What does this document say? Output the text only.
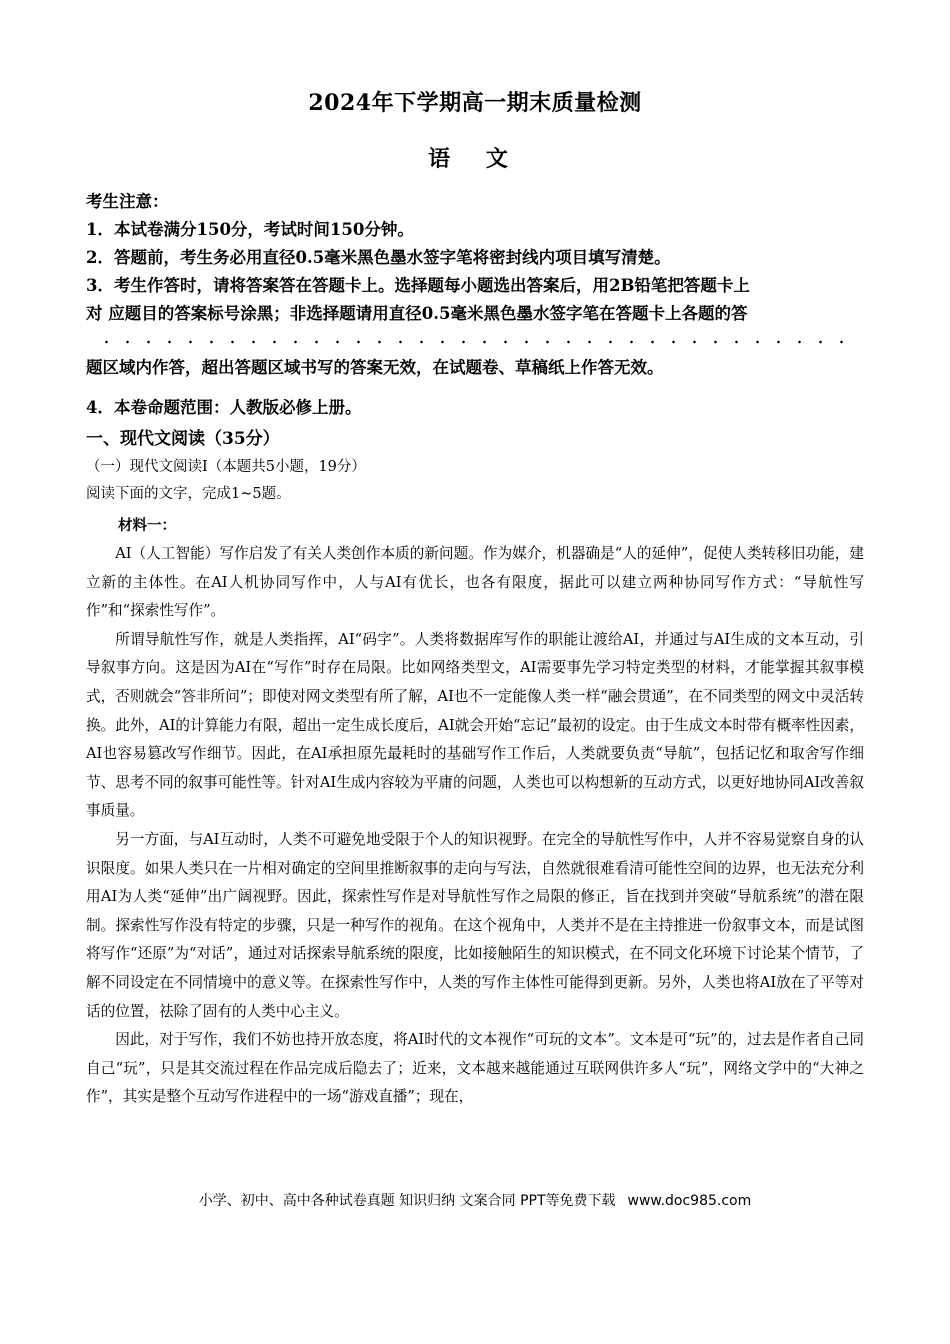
2024年下学期高一期末质量检测
语 文
考生注意：
1．本试卷满分150分，考试时间150分钟。
2．答题前，考生务必用直径0.5毫米黑色墨水签字笔将密封线内项目填写清楚。
3．考生作答时，请将答案答在答题卡上。选择题每小题选出答案后，用2B铅笔把答题卡上
对 应题目的答案标号涂黑；非选择题请用直径0.5毫米黑色墨水签字笔在答题卡上各题的答
题区域内作答，超出答题区域书写的答案无效，在试题卷、草稿纸上作答无效。
4．本卷命题范围：人教版必修上册。
一、现代文阅读（35分）
（一）现代文阅读Ⅰ（本题共5小题，19分）
阅读下面的文字，完成1~5题。
材料一：

AI（人工智能）写作启发了有关人类创作本质的新问题。作为媒介，机器确是“人的延伸”，促使人类转移旧功能，建立新的主体性。在AI人机协同写作中，人与AI有优长，也各有限度，据此可以建立两种协同写作方式：“导航性写作”和“探索性写作”。

所谓导航性写作，就是人类指挥，AI“码字”。人类将数据库写作的职能让渡给AI，并通过与AI生成的文本互动，引导叙事方向。这是因为AI在“写作”时存在局限。比如网络类型文，AI需要事先学习特定类型的材料，才能掌握其叙事模式，否则就会“答非所问”；即使对网文类型有所了解，AI也不一定能像人类一样“融会贯通”，在不同类型的网文中灵活转换。此外，AI的计算能力有限，超出一定生成长度后，AI就会开始“忘记”最初的设定。由于生成文本时带有概率性因素，AI也容易篡改写作细节。因此，在AI承担原先最耗时的基础写作工作后，人类就要负责“导航”，包括记忆和取舍写作细节、思考不同的叙事可能性等。针对AI生成内容较为平庸的问题，人类也可以构想新的互动方式，以更好地协同AI改善叙事质量。

另一方面，与AI互动时，人类不可避免地受限于个人的知识视野。在完全的导航性写作中，人并不容易觉察自身的认识限度。如果人类只在一片相对确定的空间里推断叙事的走向与写法，自然就很难看清可能性空间的边界，也无法充分利用AI为人类“延伸”出广阔视野。因此，探索性写作是对导航性写作之局限的修正，旨在找到并突破“导航系统”的潜在限制。探索性写作没有特定的步骤，只是一种写作的视角。在这个视角中，人类并不是在主持推进一份叙事文本，而是试图将写作“还原”为“对话”，通过对话探索导航系统的限度，比如接触陌生的知识模式，在不同文化环境下讨论某个情节，了解不同设定在不同情境中的意义等。在探索性写作中，人类的写作主体性可能得到更新。另外，人类也将AI放在了平等对话的位置，祛除了固有的人类中心主义。

因此，对于写作，我们不妨也持开放态度，将AI时代的文本视作“可玩的文本”。文本是可“玩”的，过去是作者自己同自己“玩”，只是其交流过程在作品完成后隐去了；近来，文本越来越能通过互联网供许多人“玩”，网络文学中的“大神之作”，其实是整个互动写作进程中的一场“游戏直播”；现在，

小学、初中、高中各种试卷真题 知识归纳 文案合同 PPT等免费下载 www.doc985.com
